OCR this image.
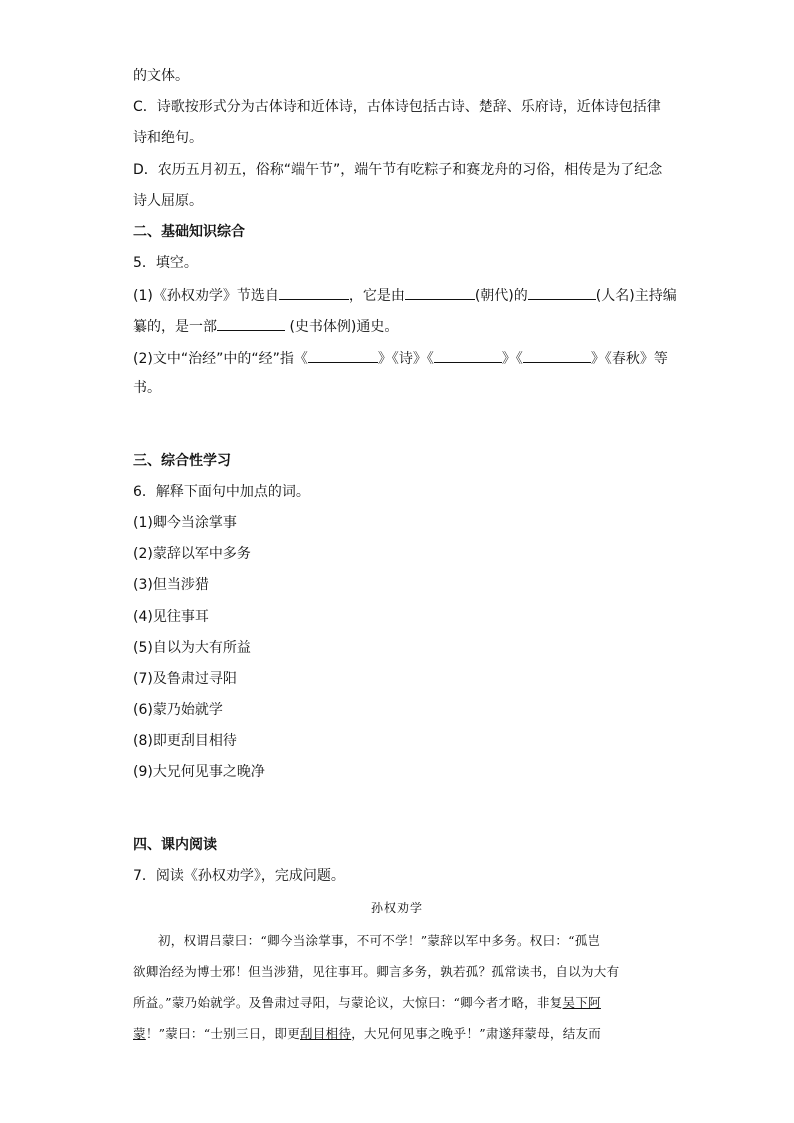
的文体。
C．诗歌按形式分为古体诗和近体诗，古体诗包括古诗、楚辞、乐府诗，近体诗包括律
诗和绝句。
D．农历五月初五，俗称“端午节”，端午节有吃粽子和赛龙舟的习俗，相传是为了纪念
诗人屈原。
二、基础知识综合
5．填空。
(1)《孙权劝学》节选自	，它是由	(朝代)的	(人名)主持编
纂的，是一部	(史书体例)通史。
(2)文中“治经”中的“经”指《	》《诗》《	》《	》《春秋》等
书。
三、综合性学习
6．解释下面句中加点的词。
(1)卿今当涂掌事
(2)蒙辞以军中多务
(3)但当涉猎
(4)见往事耳
(5)自以为大有所益
(7)及鲁肃过寻阳
(6)蒙乃始就学
(8)即更刮目相待
(9)大兄何见事之晚净
四、课内阅读
7．阅读《孙权劝学》，完成问题。
孙权劝学
初，权谓吕蒙曰：“卿今当涂掌事，不可不学！”蒙辞以军中多务。权曰：“孤岂
欲卿治经为博士邪！但当涉猎，见往事耳。卿言多务，孰若孤？孤常读书，自以为大有
所益。”蒙乃始就学。及鲁肃过寻阳，与蒙论议，大惊曰：“卿今者才略，非复吴下阿
蒙！”蒙曰：“士别三日，即更刮目相待，大兄何见事之晚乎！”肃遂拜蒙母，结友而
